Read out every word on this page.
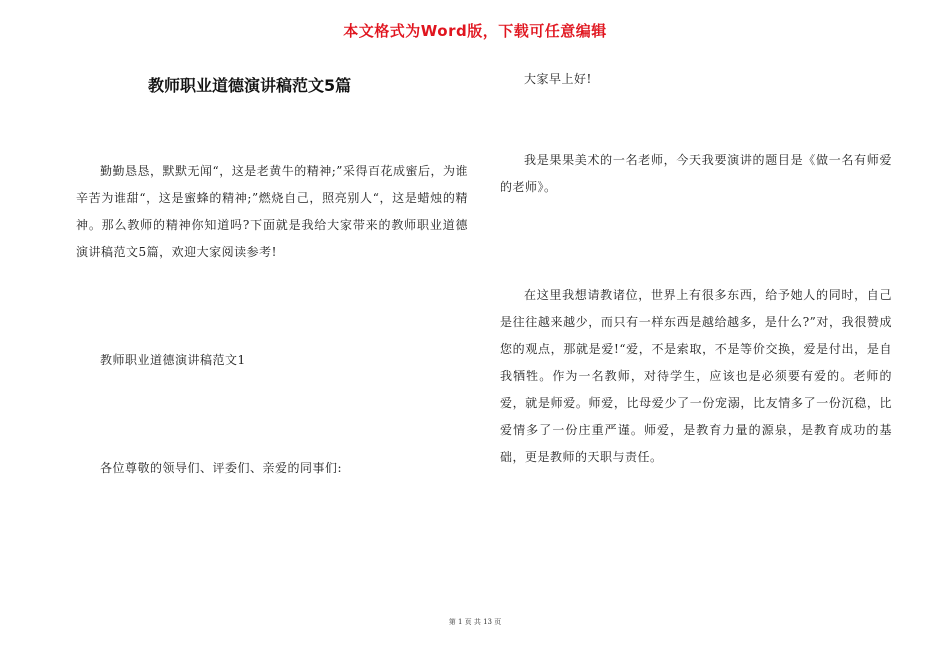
本文格式为Word版，下载可任意编辑
教师职业道德演讲稿范文5篇

勤勤恳恳，默默无闻“，这是老黄牛的精神;”采得百花成蜜后，为谁辛苦为谁甜“，这是蜜蜂的精神;”燃烧自己，照亮别人“，这是蜡烛的精神。那么教师的精神你知道吗?下面就是我给大家带来的教师职业道德演讲稿范文5篇，欢迎大家阅读参考!

教师职业道德演讲稿范文1

各位尊敬的领导们、评委们、亲爱的同事们:

大家早上好!

我是果果美术的一名老师，今天我要演讲的题目是《做一名有师爱的老师》。

在这里我想请教诸位，世界上有很多东西，给予她人的同时，自己是往往越来越少，而只有一样东西是越给越多，是什么?”对，我很赞成您的观点，那就是爱!“爱，不是索取，不是等价交换，爱是付出，是自我牺牲。作为一名教师，对待学生，应该也是必须要有爱的。老师的爱，就是师爱。师爱，比母爱少了一份宠溺，比友情多了一份沉稳，比爱情多了一份庄重严谨。师爱，是教育力量的源泉，是教育成功的基础，更是教师的天职与责任。

第 1 页 共 13 页
